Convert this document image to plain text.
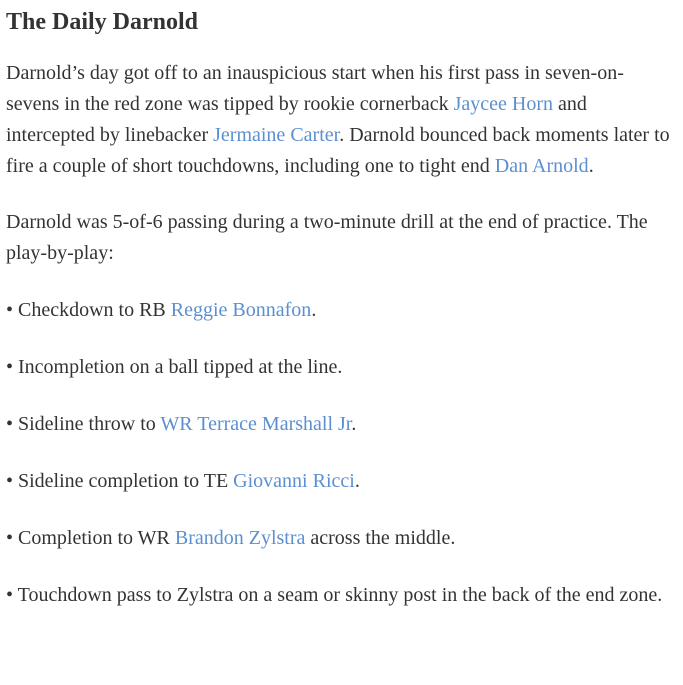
The Daily Darnold

Darnold’s day got off to an inauspicious start when his first pass in seven-on-sevens in the red zone was tipped by rookie cornerback Jaycee Horn and intercepted by linebacker Jermaine Carter. Darnold bounced back moments later to fire a couple of short touchdowns, including one to tight end Dan Arnold.

Darnold was 5-of-6 passing during a two-minute drill at the end of practice. The play-by-play:

• Checkdown to RB Reggie Bonnafon.

• Incompletion on a ball tipped at the line.

• Sideline throw to WR Terrace Marshall Jr.

• Sideline completion to TE Giovanni Ricci.

• Completion to WR Brandon Zylstra across the middle.

• Touchdown pass to Zylstra on a seam or skinny post in the back of the end zone.
